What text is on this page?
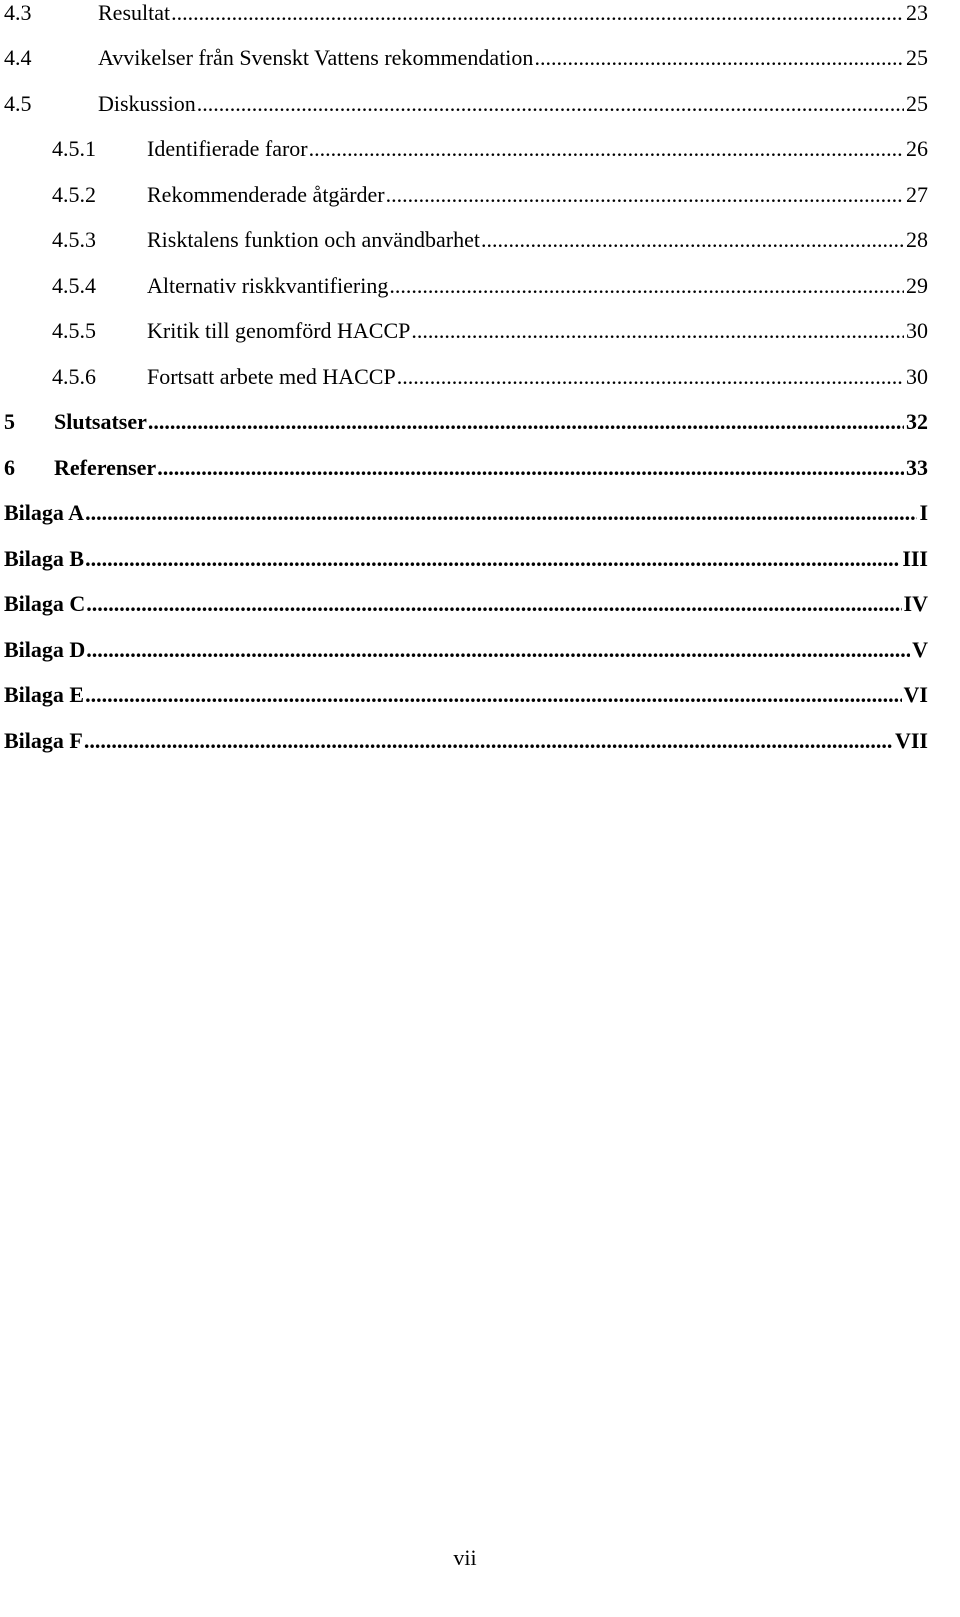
4.3	Resultat .....	23
4.4	Avvikelser från Svenskt Vattens rekommendation .....	25
4.5	Diskussion .....	25
4.5.1	Identifierade faror .....	26
4.5.2	Rekommenderade åtgärder .....	27
4.5.3	Risktalens funktion och användbarhet .....	28
4.5.4	Alternativ riskkvantifiering .....	29
4.5.5	Kritik till genomförd HACCP .....	30
4.5.6	Fortsatt arbete med HACCP .....	30
5	Slutsatser .....	32
6	Referenser .....	33
Bilaga A .....	I
Bilaga B .....	III
Bilaga C .....	IV
Bilaga D .....	V
Bilaga E .....	VI
Bilaga F .....	VII
vii
